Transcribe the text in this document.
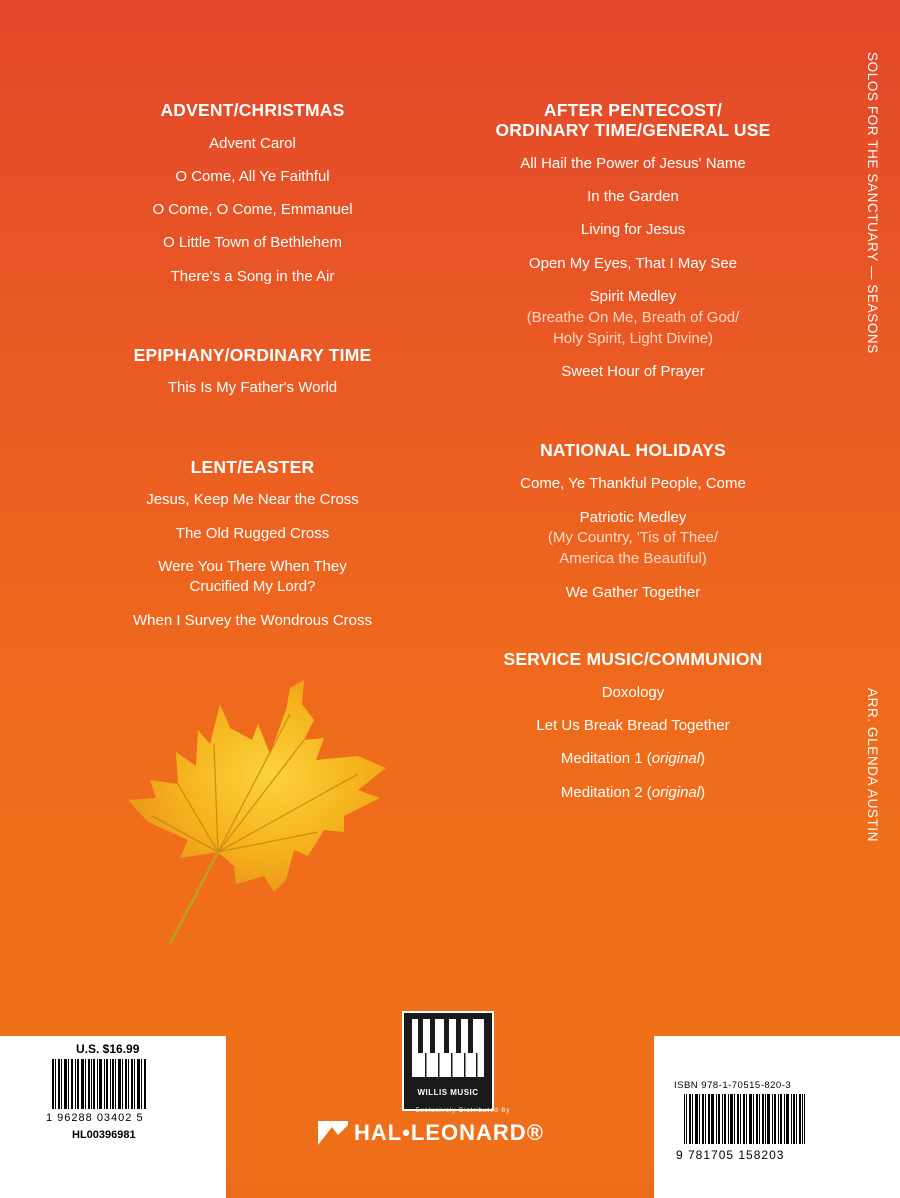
SOLOS FOR THE SANCTUARY — SEASONS
ARR. GLENDA AUSTIN
ADVENT/CHRISTMAS
Advent Carol
O Come, All Ye Faithful
O Come, O Come, Emmanuel
O Little Town of Bethlehem
There's a Song in the Air
EPIPHANY/ORDINARY TIME
This Is My Father's World
LENT/EASTER
Jesus, Keep Me Near the Cross
The Old Rugged Cross
Were You There When They
Crucified My Lord?
When I Survey the Wondrous Cross
AFTER PENTECOST/
ORDINARY TIME/GENERAL USE
All Hail the Power of Jesus' Name
In the Garden
Living for Jesus
Open My Eyes, That I May See
Spirit Medley
(Breathe On Me, Breath of God/
Holy Spirit, Light Divine)
Sweet Hour of Prayer
NATIONAL HOLIDAYS
Come, Ye Thankful People, Come
Patriotic Medley
(My Country, 'Tis of Thee/
America the Beautiful)
We Gather Together
SERVICE MUSIC/COMMUNION
Doxology
Let Us Break Bread Together
Meditation 1 (original)
Meditation 2 (original)
U.S. $16.99
1 96288 03402 5
HL00396981
ISBN 978-1-70515-820-3
9 781705 158203
WILLIS MUSIC
Exclusively Distributed By
HAL•LEONARD®
